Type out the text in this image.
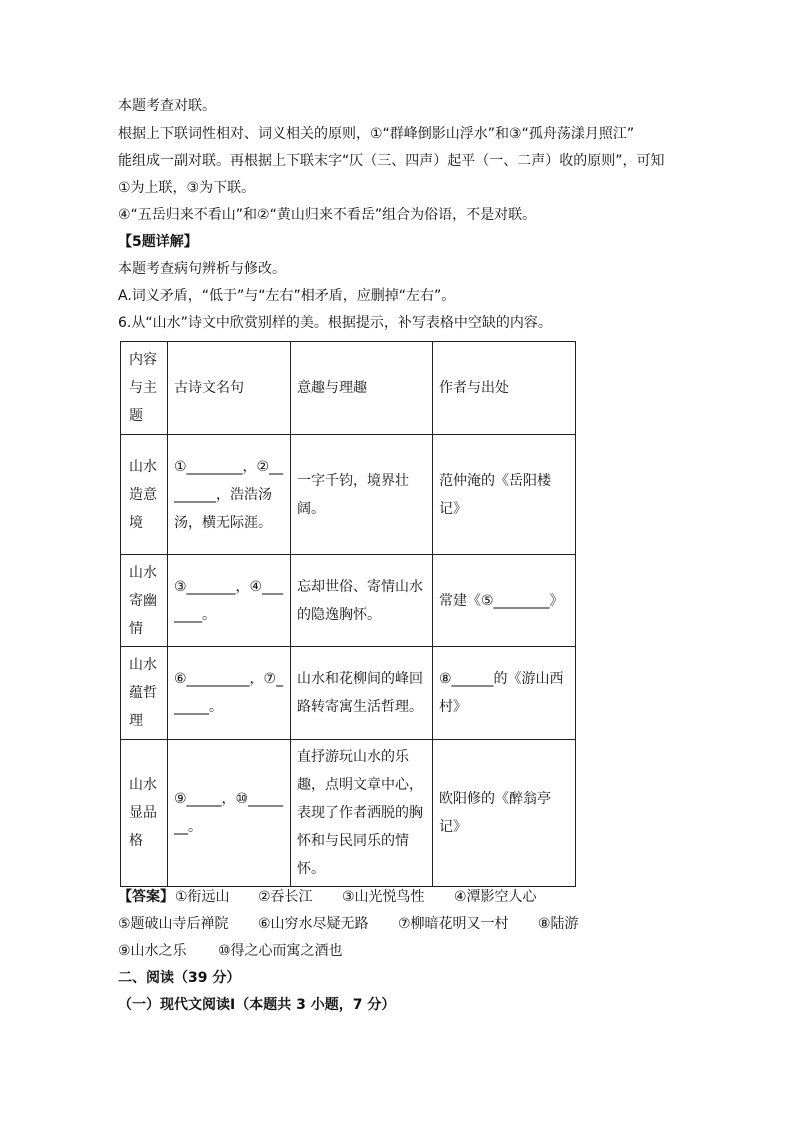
本题考查对联。
根据上下联词性相对、词义相关的原则，①“群峰倒影山浮水”和③“孤舟荡漾月照江”
能组成一副对联。再根据上下联末字“仄（三、四声）起平（一、二声）收的原则”，可知
①为上联，③为下联。
④“五岳归来不看山”和②“黄山归来不看岳”组合为俗语，不是对联。
【5题详解】
本题考查病句辨析与修改。
A.词义矛盾，“低于”与“左右”相矛盾，应删掉“左右”。
6.从“山水”诗文中欣赏别样的美。根据提示，补写表格中空缺的内容。
内容与主题	古诗文名句	意趣与理趣	作者与出处
山水造意境	①________，②________，浩浩汤汤，横无际涯。	一字千钧，境界壮阔。	范仲淹的《岳阳楼记》
山水寄幽情	③_______，④_______。	忘却世俗、寄情山水的隐逸胸怀。	常建《⑤________》
山水蕴哲理	⑥_________，⑦______。	山水和花柳间的峰回路转寄寓生活哲理。	⑧______的《游山西村》
山水显品格	⑨_____，⑩_______。	直抒游玩山水的乐趣，点明文章中心，表现了作者洒脱的胸怀和与民同乐的情怀。	欧阳修的《醉翁亭记》
【答案】 ①衔远山 ②吞长江 ③山光悦鸟性 ④潭影空人心
⑤题破山寺后禅院 ⑥山穷水尽疑无路 ⑦柳暗花明又一村 ⑧陆游
⑨山水之乐 ⑩得之心而寓之酒也
二、阅读（39 分）
（一）现代文阅读Ⅰ（本题共 3 小题，7 分）
